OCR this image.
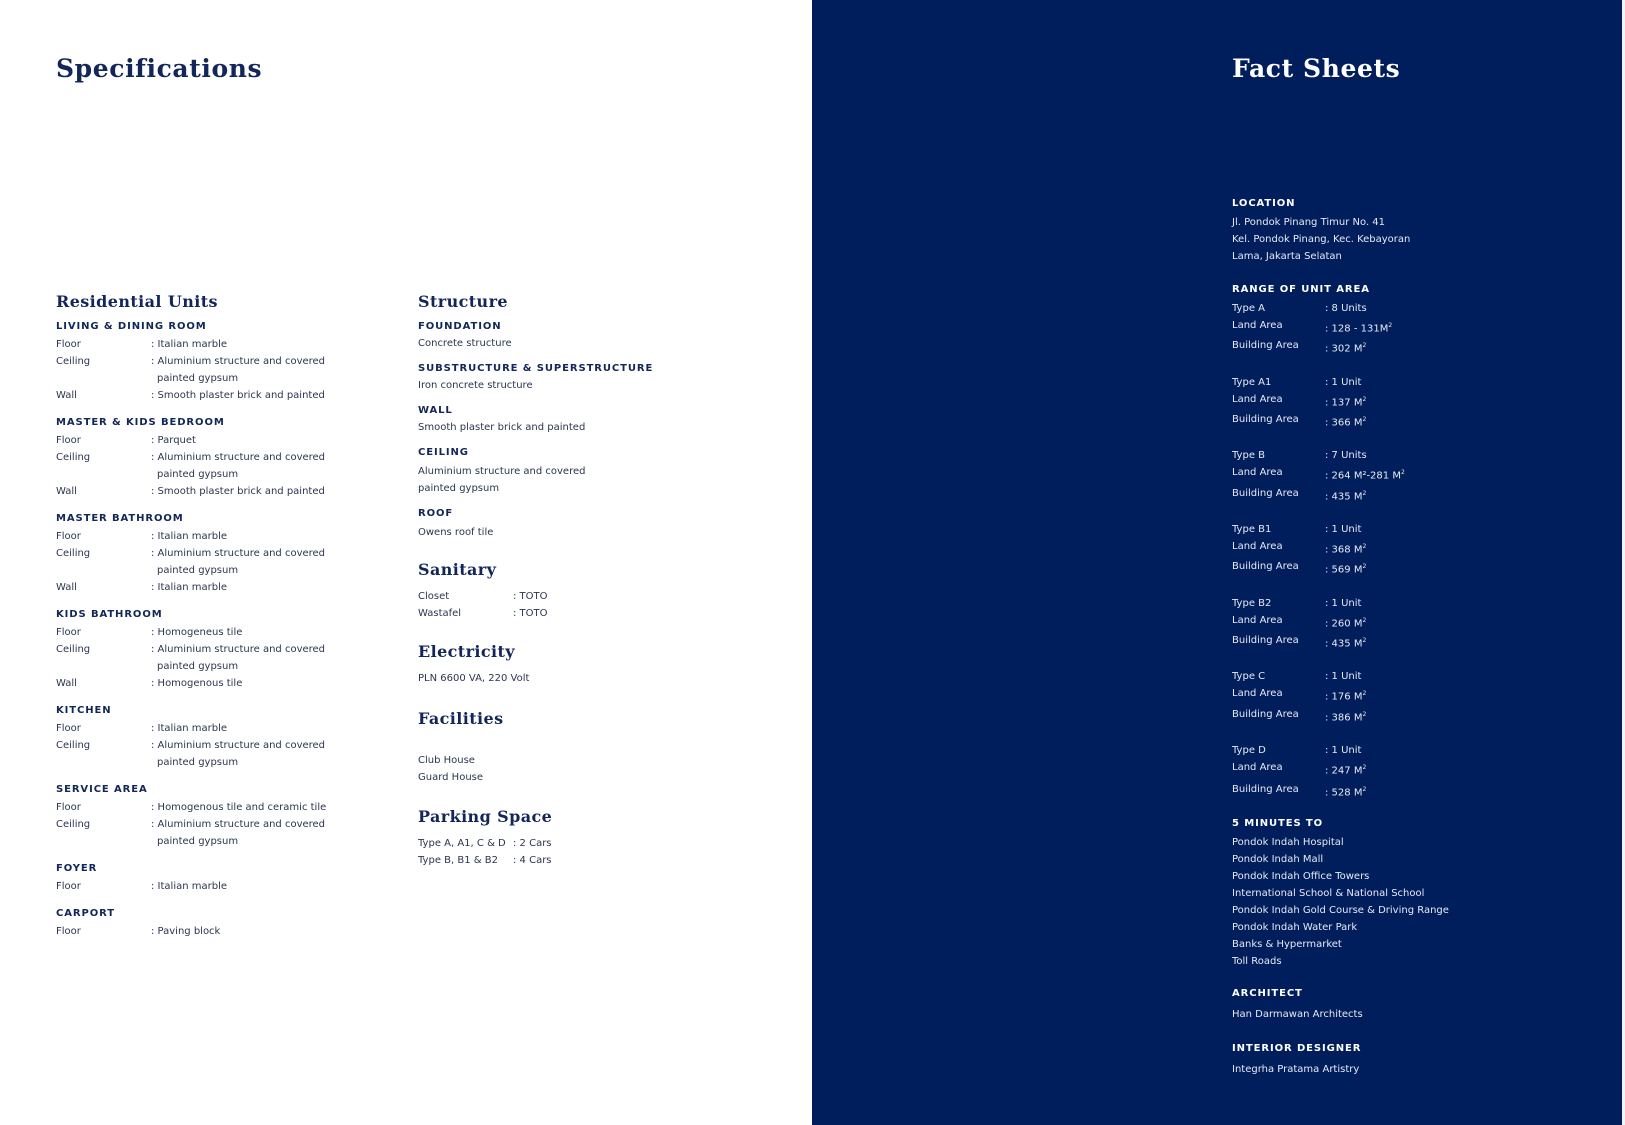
Specifications
Residential Units

LIVING & DINING ROOM

Floor	: Italian marble
Ceiling	: Aluminium structure and covered painted gypsum
Wall	: Smooth plaster brick and painted

MASTER & KIDS BEDROOM

Floor	: Parquet
Ceiling	: Aluminium structure and covered painted gypsum
Wall	: Smooth plaster brick and painted

MASTER BATHROOM

Floor	: Italian marble
Ceiling	: Aluminium structure and covered painted gypsum
Wall	: Italian marble

KIDS BATHROOM

Floor	: Homogeneus tile
Ceiling	: Aluminium structure and covered painted gypsum
Wall	: Homogenous tile

KITCHEN

Floor	: Italian marble
Ceiling	: Aluminium structure and covered painted gypsum

SERVICE AREA

Floor	: Homogenous tile and ceramic tile
Ceiling	: Aluminium structure and covered painted gypsum

FOYER

Floor	: Italian marble

CARPORT

Floor	: Paving block
Structure

FOUNDATION

Concrete structure

SUBSTRUCTURE & SUPERSTRUCTURE

Iron concrete structure

WALL

Smooth plaster brick and painted

CEILING

Aluminium structure and covered painted gypsum

ROOF

Owens roof tile

Sanitary
Closet	: TOTO
Wastafel	: TOTO
Electricity

PLN 6600 VA, 220 Volt

Facilities

Club House

Guard House

Parking Space
Type A, A1, C & D : 2 Cars
Type B, B1 & B2	: 4 Cars
Fact Sheets

LOCATION

Jl. Pondok Pinang Timur No. 41

Kel. Pondok Pinang, Kec. Kebayoran

Lama, Jakarta Selatan

RANGE OF UNIT AREA

Type A	: 8 Units
Land Area	: $128 - 131M^2$
Building Area	: 302 $M^2$
Type A1	: 1 Unit
Land Area	: 137 $M^2$
Building Area	: 366 $M^2$
Type B	: 7 Units
Land Area	: 264 M²-281 $M^2$
Building Area	: 435 $M^2$
Type B1	: 1 Unit
Land Area	: 368 $M^2$
Building Area	: 569 $M^2$
Type B2	: 1 Unit
Land Area	: 260 $M^2$
Building Area	: 435 $M^2$
Type C	: 1 Unit
Land Area	: 176 $M^2$
Building Area	: 386 $M^2$
Type D	: 1 Unit
Land Area	: 247 $M^2$
Building Area	: 528 $M^2$

5 MINUTES TO

Pondok Indah Hospital

Pondok Indah Mall

Pondok Indah Office Towers

International School & National School

Pondok Indah Gold Course & Driving Range

Pondok Indah Water Park

Banks & Hypermarket

Toll Roads

ARCHITECT

Han Darmawan Architects

INTERIOR DESIGNER

Integrha Pratama Artistry
